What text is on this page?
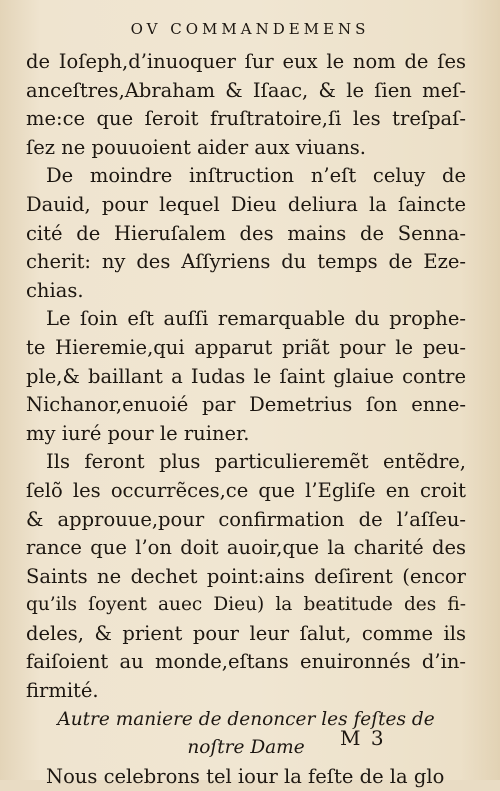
OV COMMANDEMENS
de Ioſeph,d’inuoquer ſur eux le nom de ſes
anceſtres,Abraham & Iſaac, & le ſien meſ-
me:ce que ſeroit fruſtratoire,ſi les treſpaſ-
ſez ne pouuoient aider aux viuans.
De moindre inſtruction n’eſt celuy de
Dauid, pour lequel Dieu deliura la ſaincte
cité de Hieruſalem des mains de Senna-
cherit: ny des Aſſyriens du temps de Eze-
chias.
Le ſoin eſt auſſi remarquable du prophe-
te Hieremie,qui apparut priãt pour le peu-
ple,& baillant a Iudas le ſaint glaiue contre
Nichanor,enuoié par Demetrius ſon enne-
my iuré pour le ruiner.
Ils feront plus particulieremẽt entẽdre,
ſelõ les occurrẽces,ce que l’Egliſe en croit
& approuue,pour confirmation de l’aſſeu-
rance que l’on doit auoir,que la charité des
Saints ne dechet point:ains deſirent (encor
qu’ils ſoyent auec Dieu) la beatitude des fi-
deles, & prient pour leur ſalut, comme ils
faiſoient au monde,eſtans enuironnés d’in-
firmité.
Autre maniere de denoncer les feſtes de
noſtre Dame
Nous celebrons tel iour la feſte de la glo
M 3
